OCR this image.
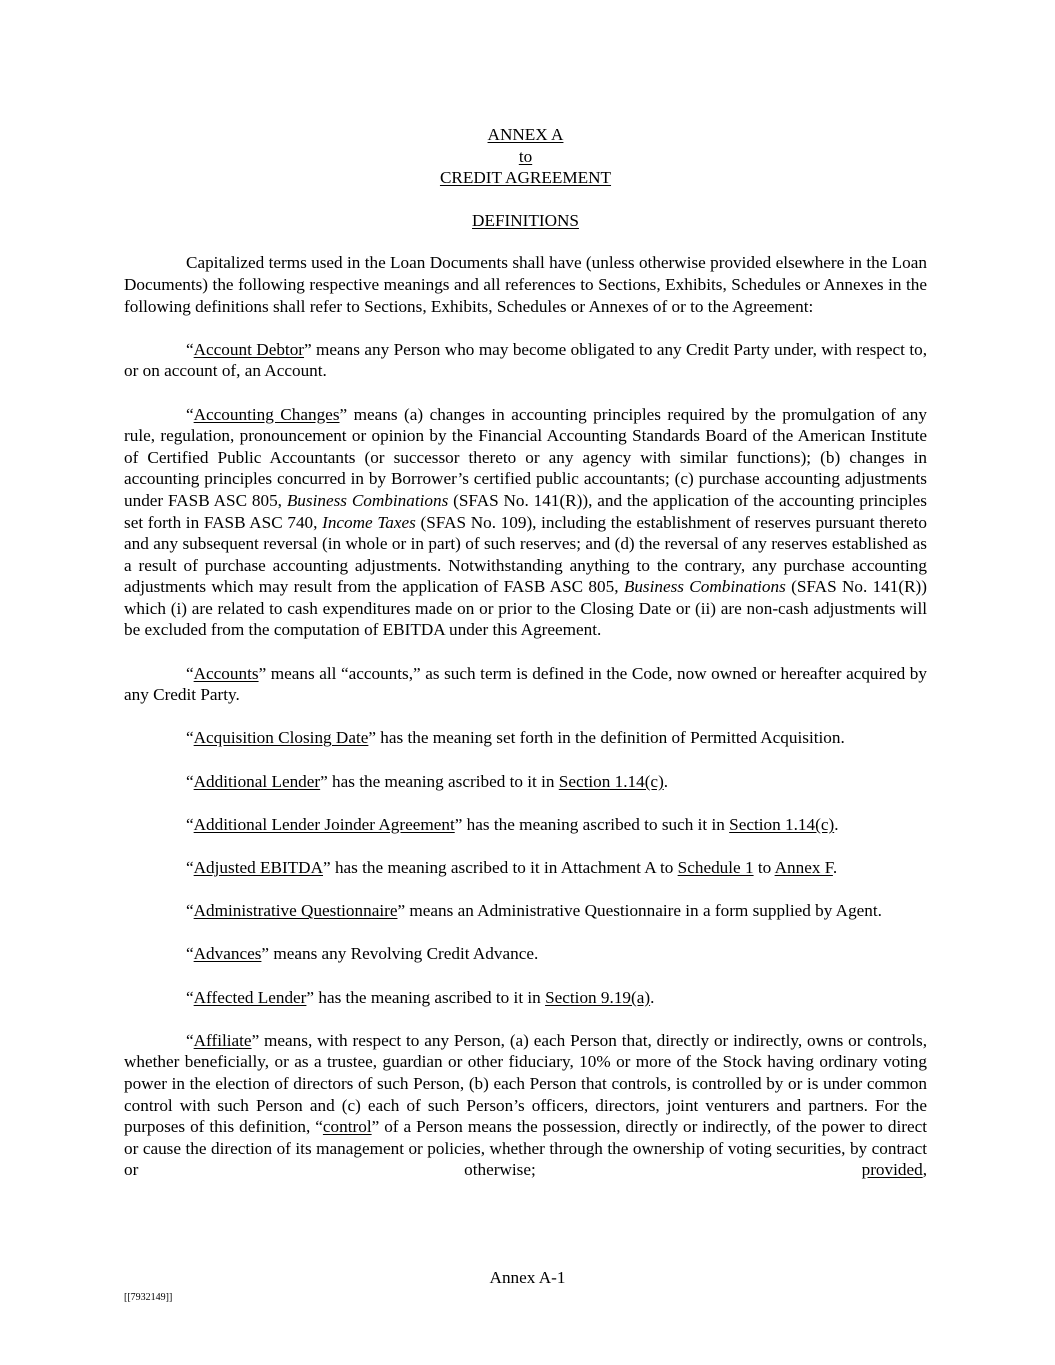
ANNEX A
to
CREDIT AGREEMENT
DEFINITIONS

Capitalized terms used in the Loan Documents shall have (unless otherwise provided elsewhere in the Loan Documents) the following respective meanings and all references to Sections, Exhibits, Schedules or Annexes in the following definitions shall refer to Sections, Exhibits, Schedules or Annexes of or to the Agreement:

“Account Debtor” means any Person who may become obligated to any Credit Party under, with respect to, or on account of, an Account.

“Accounting Changes” means (a) changes in accounting principles required by the promulgation of any rule, regulation, pronouncement or opinion by the Financial Accounting Standards Board of the American Institute of Certified Public Accountants (or successor thereto or any agency with similar functions); (b) changes in accounting principles concurred in by Borrower’s certified public accountants; (c) purchase accounting adjustments under FASB ASC 805, Business Combinations (SFAS No. 141(R)), and the application of the accounting principles set forth in FASB ASC 740, Income Taxes (SFAS No. 109), including the establishment of reserves pursuant thereto and any subsequent reversal (in whole or in part) of such reserves; and (d) the reversal of any reserves established as a result of purchase accounting adjustments. Notwithstanding anything to the contrary, any purchase accounting adjustments which may result from the application of FASB ASC 805, Business Combinations (SFAS No. 141(R)) which (i) are related to cash expenditures made on or prior to the Closing Date or (ii) are non-cash adjustments will be excluded from the computation of EBITDA under this Agreement.

“Accounts” means all “accounts,” as such term is defined in the Code, now owned or hereafter acquired by any Credit Party.

“Acquisition Closing Date” has the meaning set forth in the definition of Permitted Acquisition.

“Additional Lender” has the meaning ascribed to it in Section 1.14(c).

“Additional Lender Joinder Agreement” has the meaning ascribed to such it in Section 1.14(c).

“Adjusted EBITDA” has the meaning ascribed to it in Attachment A to Schedule 1 to Annex F.

“Administrative Questionnaire” means an Administrative Questionnaire in a form supplied by Agent.

“Advances” means any Revolving Credit Advance.

“Affected Lender” has the meaning ascribed to it in Section 9.19(a).

“Affiliate” means, with respect to any Person, (a) each Person that, directly or indirectly, owns or controls, whether beneficially, or as a trustee, guardian or other fiduciary, 10% or more of the Stock having ordinary voting power in the election of directors of such Person, (b) each Person that controls, is controlled by or is under common control with such Person and (c) each of such Person’s officers, directors, joint venturers and partners. For the purposes of this definition, “control” of a Person means the possession, directly or indirectly, of the power to direct or cause the direction of its management or policies, whether through the ownership of voting securities, by contract or otherwise; provided,

Annex A-1
[[7932149]]
